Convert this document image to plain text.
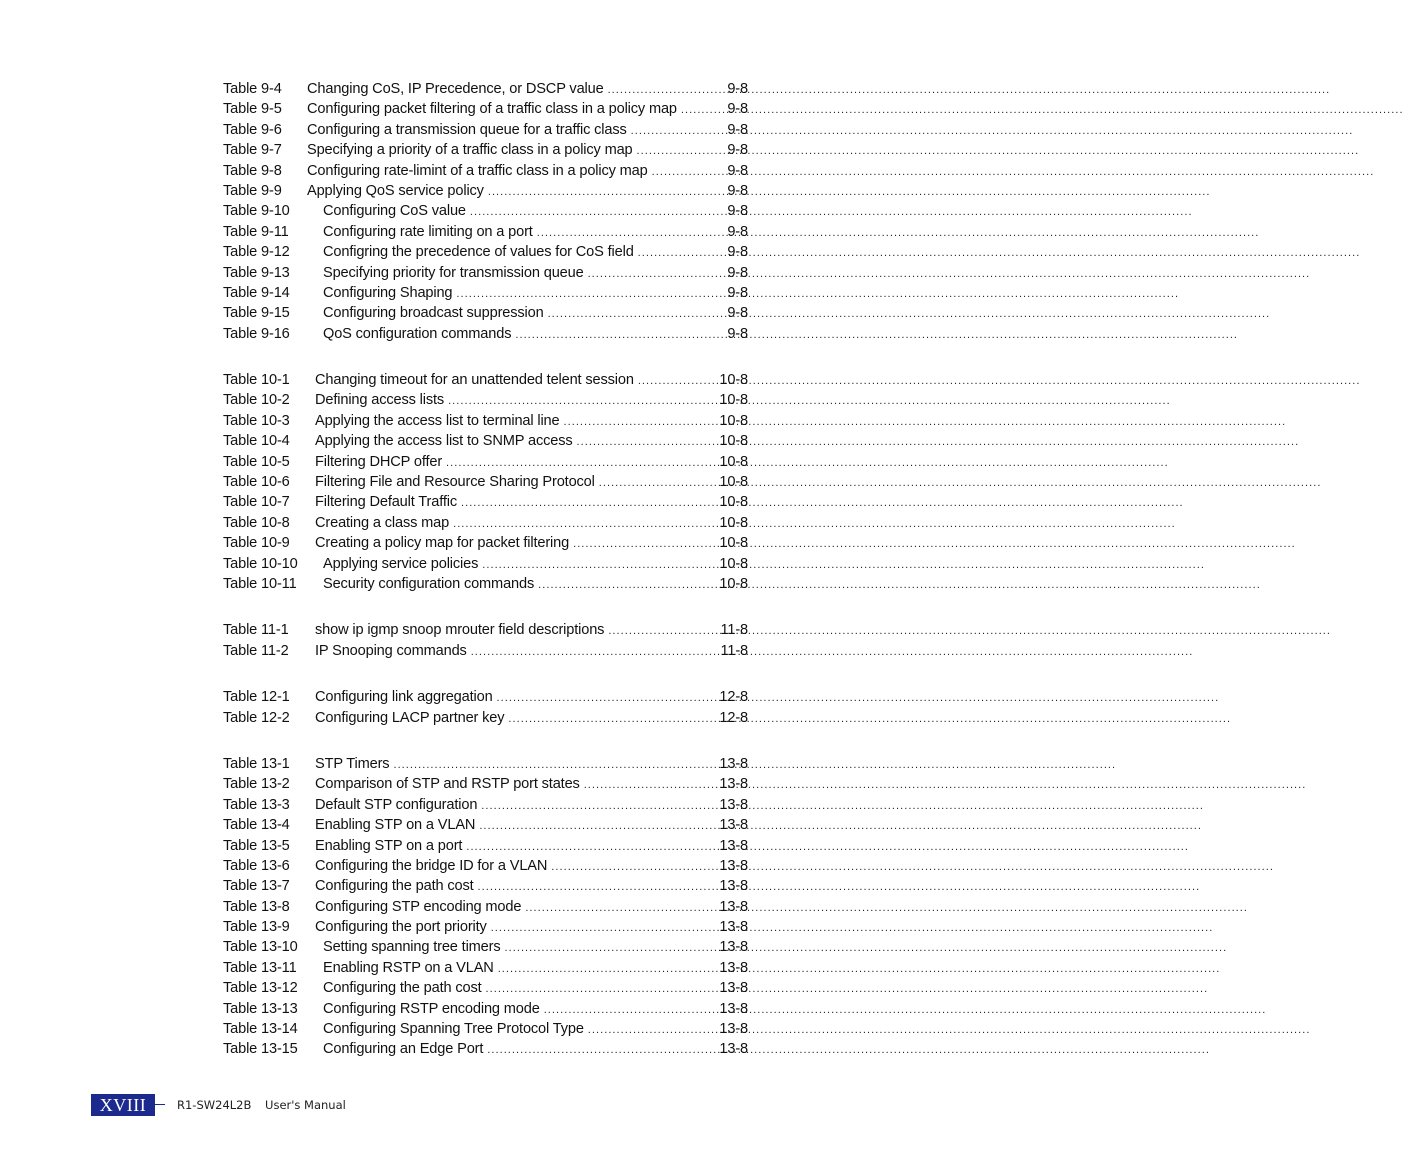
Table 9-4	Changing CoS, IP Precedence, or DSCP value .....	9-8
Table 9-5	Configuring packet filtering of a traffic class in a policy map .....	9-8
Table 9-6	Configuring a transmission queue for a traffic class .....	9-8
Table 9-7	Specifying a priority of a traffic class in a policy map .....	9-8
Table 9-8	Configuring rate-limint of a traffic class in a policy map .....	9-8
Table 9-9	Applying QoS service policy .....	9-8
Table 9-10	Configuring CoS value .....	9-8
Table 9-11	Configuring rate limiting on a port .....	9-8
Table 9-12	Configring the precedence of values for CoS field .....	9-8
Table 9-13	Specifying priority for transmission queue .....	9-8
Table 9-14	Configuring Shaping .....	9-8
Table 9-15	Configuring broadcast suppression .....	9-8
Table 9-16	QoS configuration commands .....	9-8
Table 10-1	Changing timeout for an unattended telent session .....	10-8
Table 10-2	Defining access lists .....	10-8
Table 10-3	Applying the access list to terminal line .....	10-8
Table 10-4	Applying the access list to SNMP access .....	10-8
Table 10-5	Filtering DHCP offer .....	10-8
Table 10-6	Filtering File and Resource Sharing Protocol .....	10-8
Table 10-7	Filtering Default Traffic .....	10-8
Table 10-8	Creating a class map .....	10-8
Table 10-9	Creating a policy map for packet filtering .....	10-8
Table 10-10	Applying service policies .....	10-8
Table 10-11	Security configuration commands .....	10-8
Table 11-1	show ip igmp snoop mrouter field descriptions .....	11-8
Table 11-2	IP Snooping commands .....	11-8
Table 12-1	Configuring link aggregation .....	12-8
Table 12-2	Configuring LACP partner key .....	12-8
Table 13-1	STP Timers .....	13-8
Table 13-2	Comparison of STP and RSTP port states .....	13-8
Table 13-3	Default STP configuration .....	13-8
Table 13-4	Enabling STP on a VLAN .....	13-8
Table 13-5	Enabling STP on a port .....	13-8
Table 13-6	Configuring the bridge ID for a VLAN .....	13-8
Table 13-7	Configuring the path cost .....	13-8
Table 13-8	Configuring STP encoding mode .....	13-8
Table 13-9	Configuring the port priority .....	13-8
Table 13-10	Setting spanning tree timers .....	13-8
Table 13-11	Enabling RSTP on a VLAN .....	13-8
Table 13-12	Configuring the path cost .....	13-8
Table 13-13	Configuring RSTP encoding mode .....	13-8
Table 13-14	Configuring Spanning Tree Protocol Type .....	13-8
Table 13-15	Configuring an Edge Port .....	13-8
XVIII	R1-SW24L2B User's Manual
